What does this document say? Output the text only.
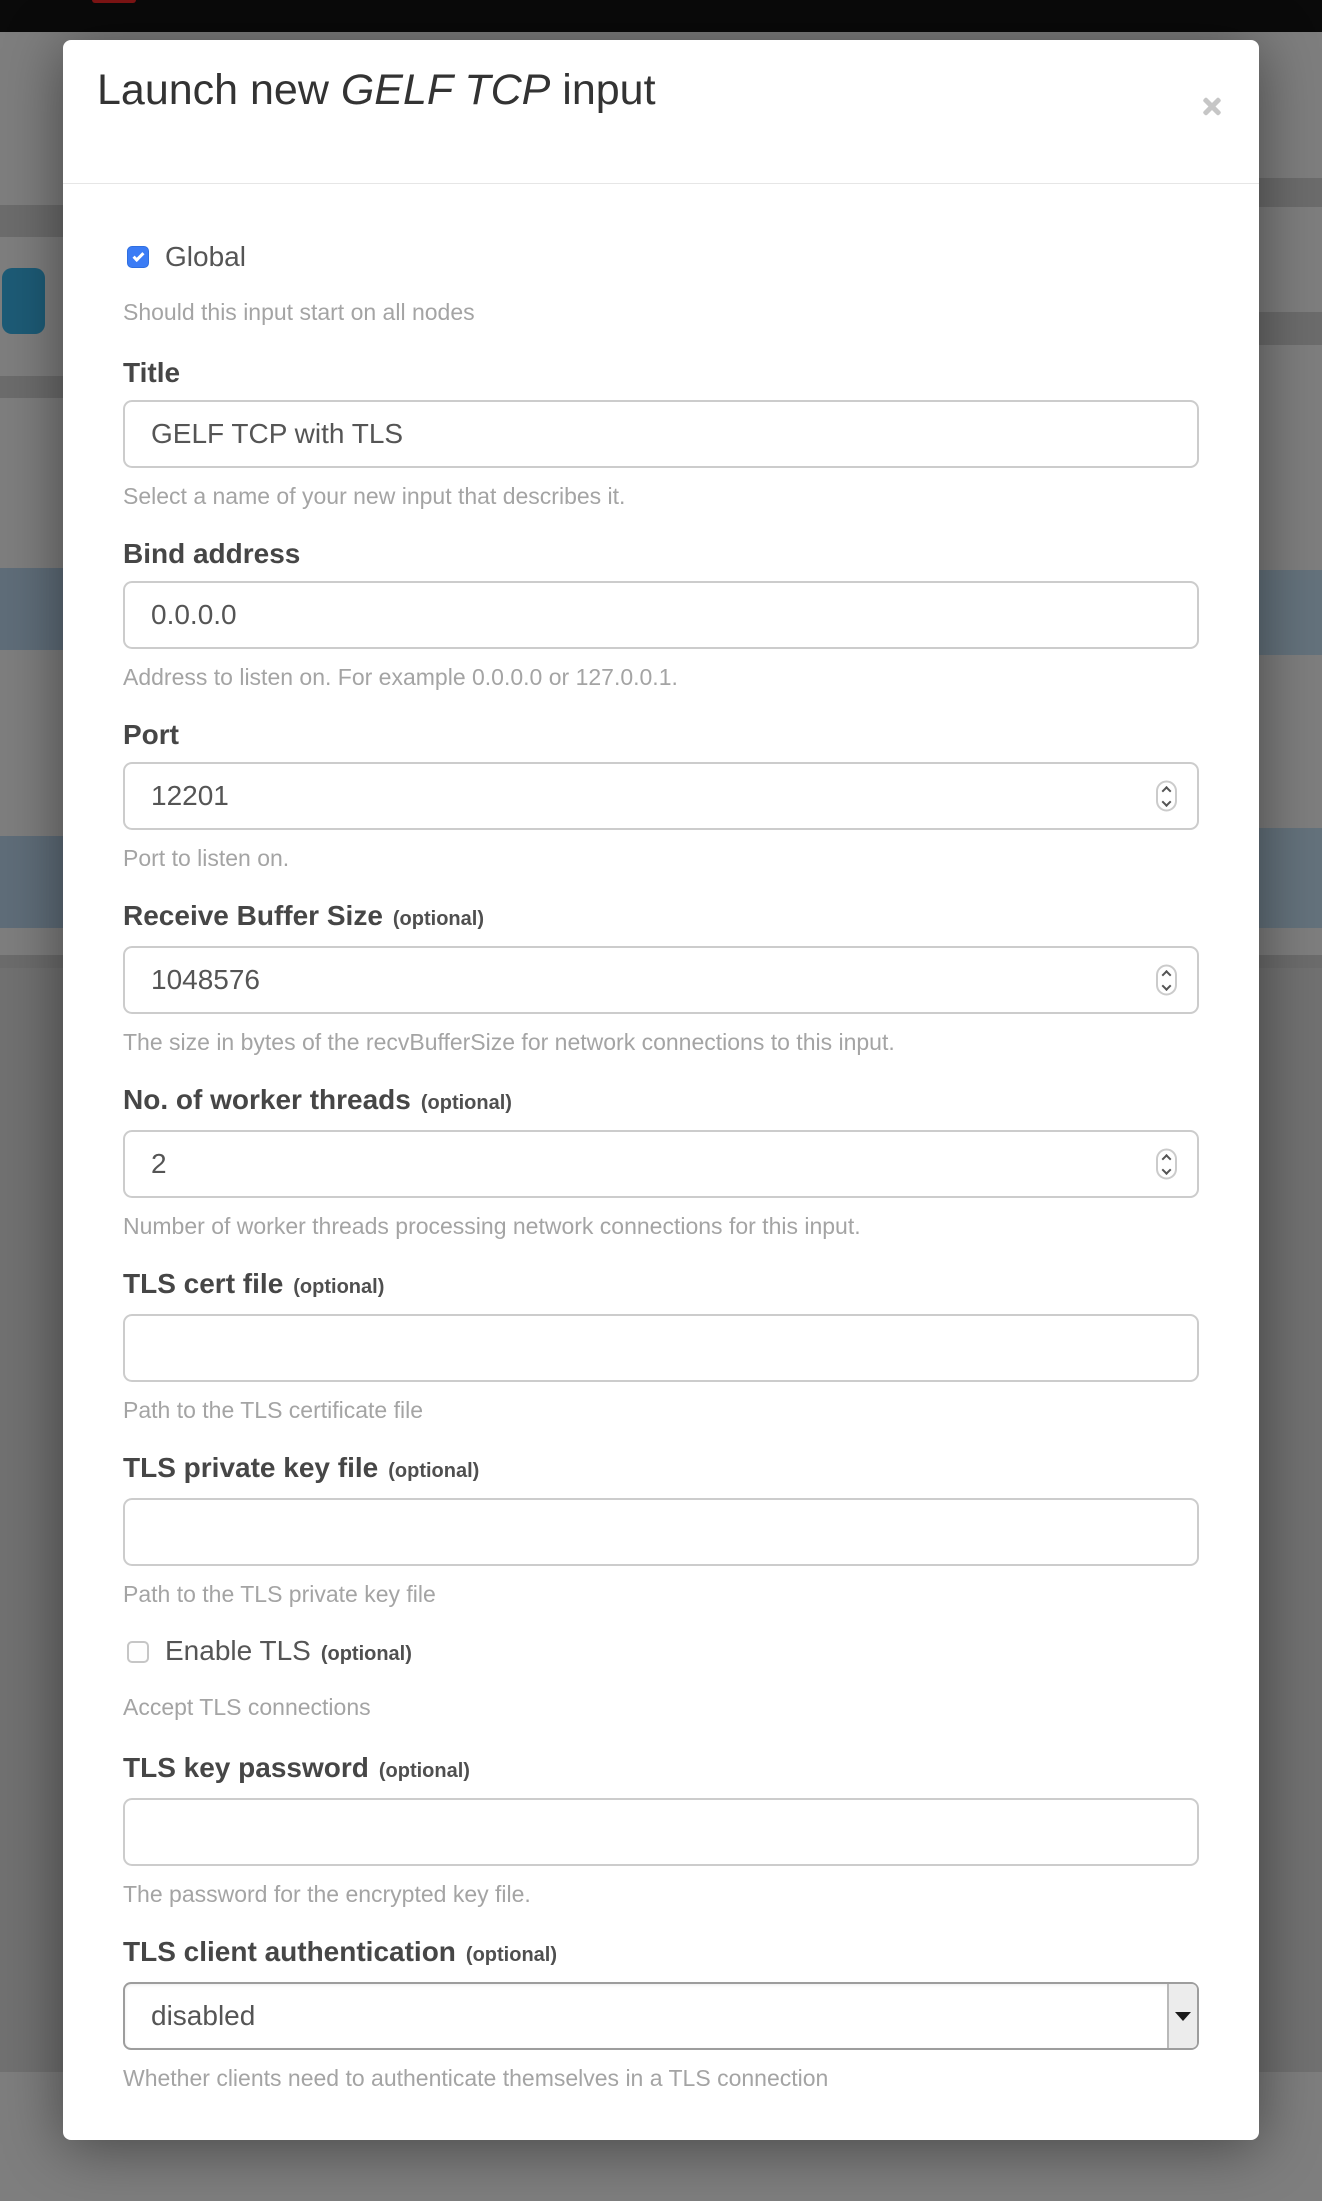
Launch new GELF TCP input
Global
Should this input start on all nodes
Title
GELF TCP with TLS
Select a name of your new input that describes it.
Bind address
0.0.0.0
Address to listen on. For example 0.0.0.0 or 127.0.0.1.
Port
12201
Port to listen on.
Receive Buffer Size (optional)
1048576
The size in bytes of the recvBufferSize for network connections to this input.
No. of worker threads (optional)
2
Number of worker threads processing network connections for this input.
TLS cert file (optional)
Path to the TLS certificate file
TLS private key file (optional)
Path to the TLS private key file
Enable TLS (optional)
Accept TLS connections
TLS key password (optional)
The password for the encrypted key file.
TLS client authentication (optional)
disabled
Whether clients need to authenticate themselves in a TLS connection
